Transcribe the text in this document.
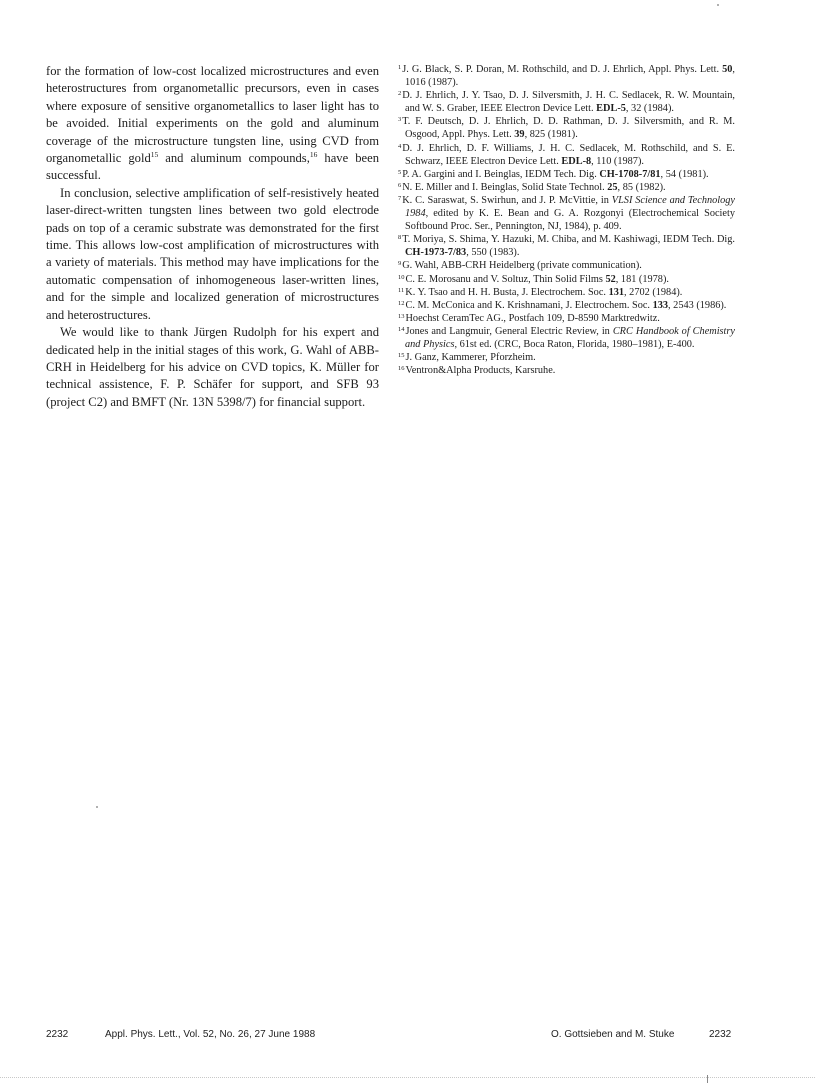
for the formation of low-cost localized microstructures and even heterostructures from organometallic precursors, even in cases where exposure of sensitive organometallics to laser light has to be avoided. Initial experiments on the gold and aluminum coverage of the microstructure tungsten line, using CVD from organometallic gold$^{15}$ and aluminum compounds,$^{16}$ have been successful.

In conclusion, selective amplification of self-resistively heated laser-direct-written tungsten lines between two gold electrode pads on top of a ceramic substrate was demonstrated for the first time. This allows low-cost amplification of microstructures with a variety of materials. This method may have implications for the automatic compensation of inhomogeneous laser-written lines, and for the simple and localized generation of microstructures and heterostructures.

We would like to thank Jürgen Rudolph for his expert and dedicated help in the initial stages of this work, G. Wahl of ABB-CRH in Heidelberg for his advice on CVD topics, K. Müller for technical assistence, F. P. Schäfer for support, and SFB 93 (project C2) and BMFT (Nr. 13N 5398/7) for financial support.

$^1$J. G. Black, S. P. Doran, M. Rothschild, and D. J. Ehrlich, Appl. Phys. Lett. 50, 1016 (1987).

$^2$D. J. Ehrlich, J. Y. Tsao, D. J. Silversmith, J. H. C. Sedlacek, R. W. Mountain, and W. S. Graber, IEEE Electron Device Lett. EDL-5, 32 (1984).

$^3$T. F. Deutsch, D. J. Ehrlich, D. D. Rathman, D. J. Silversmith, and R. M. Osgood, Appl. Phys. Lett. 39, 825 (1981).

$^4$D. J. Ehrlich, D. F. Williams, J. H. C. Sedlacek, M. Rothschild, and S. E. Schwarz, IEEE Electron Device Lett. EDL-8, 110 (1987).

$^5$P. A. Gargini and I. Beinglas, IEDM Tech. Dig. CH-1708-7/81, 54 (1981).

$^6$N. E. Miller and I. Beinglas, Solid State Technol. 25, 85 (1982).

$^7$K. C. Saraswat, S. Swirhun, and J. P. McVittie, in VLSI Science and Technology 1984, edited by K. E. Bean and G. A. Rozgonyi (Electrochemical Society Softbound Proc. Ser., Pennington, NJ, 1984), p. 409.

$^8$T. Moriya, S. Shima, Y. Hazuki, M. Chiba, and M. Kashiwagi, IEDM Tech. Dig. CH-1973-7/83, 550 (1983).

$^9$G. Wahl, ABB-CRH Heidelberg (private communication).

$^{10}$C. E. Morosanu and V. Soltuz, Thin Solid Films 52, 181 (1978).

$^{11}$K. Y. Tsao and H. H. Busta, J. Electrochem. Soc. 131, 2702 (1984).

$^{12}$C. M. McConica and K. Krishnamani, J. Electrochem. Soc. 133, 2543 (1986).

$^{13}$Hoechst CeramTec AG., Postfach 109, D-8590 Marktredwitz.

$^{14}$Jones and Langmuir, General Electric Review, in CRC Handbook of Chemistry and Physics, 61st ed. (CRC, Boca Raton, Florida, 1980–1981), E-400.

$^{15}$J. Ganz, Kammerer, Pforzheim.

$^{16}$Ventron&Alpha Products, Karsruhe.

2232	Appl. Phys. Lett., Vol. 52, No. 26, 27 June 1988	O. Gottsieben and M. Stuke	2232
